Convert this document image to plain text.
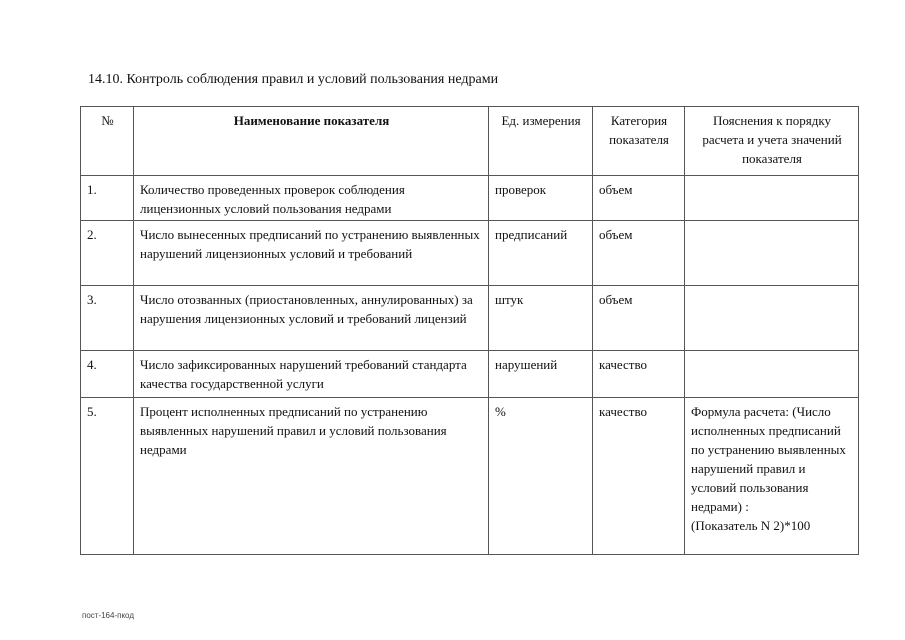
14.10. Контроль соблюдения правил и условий пользования недрами
№	Наименование показателя	Ед. измерения	Категория показателя	Пояснения к порядку расчета и учета значений показателя
1.	Количество проведенных проверок соблюдения лицензионных условий пользования недрами	проверок	объем	
2.	Число вынесенных предписаний по устранению выявленных нарушений лицензионных условий и требований	предписаний	объем	
3.	Число отозванных (приостановленных, аннулированных) за нарушения лицензионных условий и требований лицензий	штук	объем	
4.	Число зафиксированных нарушений требований стандарта качества государственной услуги	нарушений	качество	
5.	Процент исполненных предписаний по устранению выявленных нарушений правил и условий пользования недрами	%	качество	Формула расчета: (Число исполненных предписаний по устранению выявленных нарушений правил и условий пользования недрами) :
(Показатель N 2)*100
пост-164-пкод
